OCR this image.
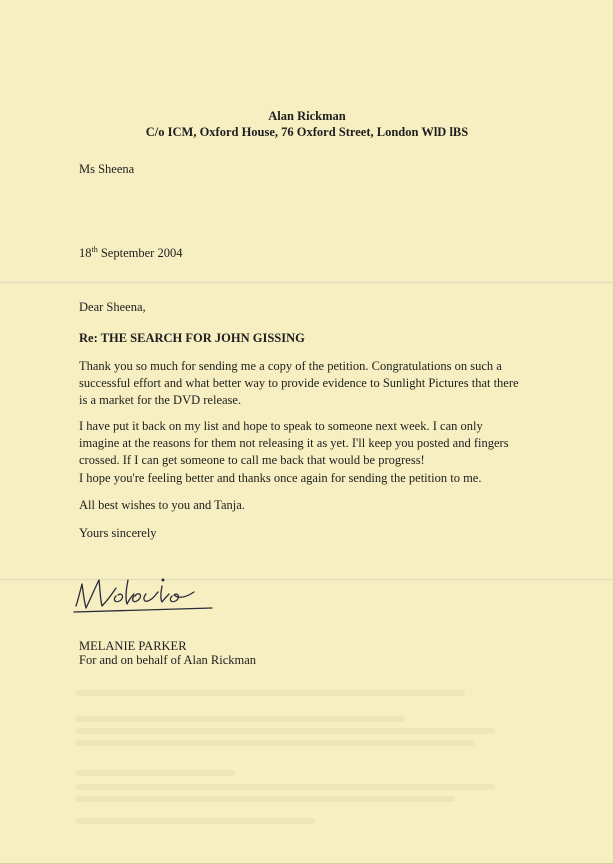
Alan Rickman
C/o ICM, Oxford House, 76 Oxford Street, London WlD lBS
Ms Sheena
18th September 2004
Dear Sheena,
Re: THE SEARCH FOR JOHN GISSING
Thank you so much for sending me a copy of the petition. Congratulations on such a
successful effort and what better way to provide evidence to Sunlight Pictures that there
is a market for the DVD release.
I have put it back on my list and hope to speak to someone next week. I can only
imagine at the reasons for them not releasing it as yet. I'll keep you posted and fingers
crossed. If I can get someone to call me back that would be progress!
I hope you're feeling better and thanks once again for sending the petition to me.
All best wishes to you and Tanja.
Yours sincerely
MELANIE PARKER
For and on behalf of Alan Rickman
